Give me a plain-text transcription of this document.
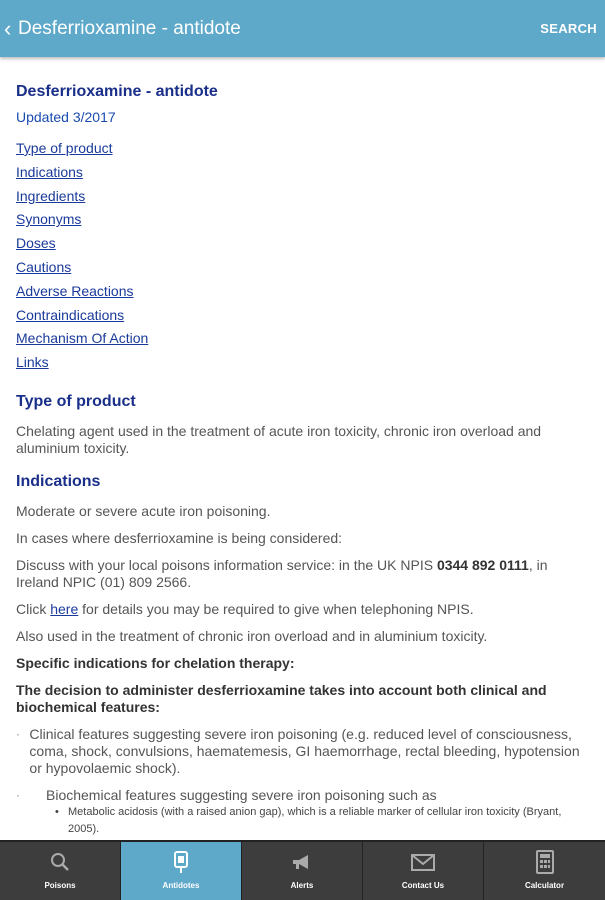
‹ Desferrioxamine - antidote	SEARCH
Desferrioxamine - antidote
Updated 3/2017
Type of product
Indications
Ingredients
Synonyms
Doses
Cautions
Adverse Reactions
Contraindications
Mechanism Of Action
Links
Type of product
Chelating agent used in the treatment of acute iron toxicity, chronic iron overload and aluminium toxicity.
Indications
Moderate or severe acute iron poisoning.
In cases where desferrioxamine is being considered:
Discuss with your local poisons information service: in the UK NPIS 0344 892 0111, in Ireland NPIC (01) 809 2566.
Click here for details you may be required to give when telephoning NPIS.
Also used in the treatment of chronic iron overload and in aluminium toxicity.
Specific indications for chelation therapy:
The decision to administer desferrioxamine takes into account both clinical and biochemical features:
· Clinical features suggesting severe iron poisoning (e.g. reduced level of consciousness, coma, shock, convulsions, haematemesis, GI haemorrhage, rectal bleeding, hypotension or hypovolaemic shock).
·	Biochemical features suggesting severe iron poisoning such as
• Metabolic acidosis (with a raised anion gap), which is a reliable marker of cellular iron toxicity (Bryant, 2005).
Poisons	Antidotes	Alerts	Contact Us	Calculator
